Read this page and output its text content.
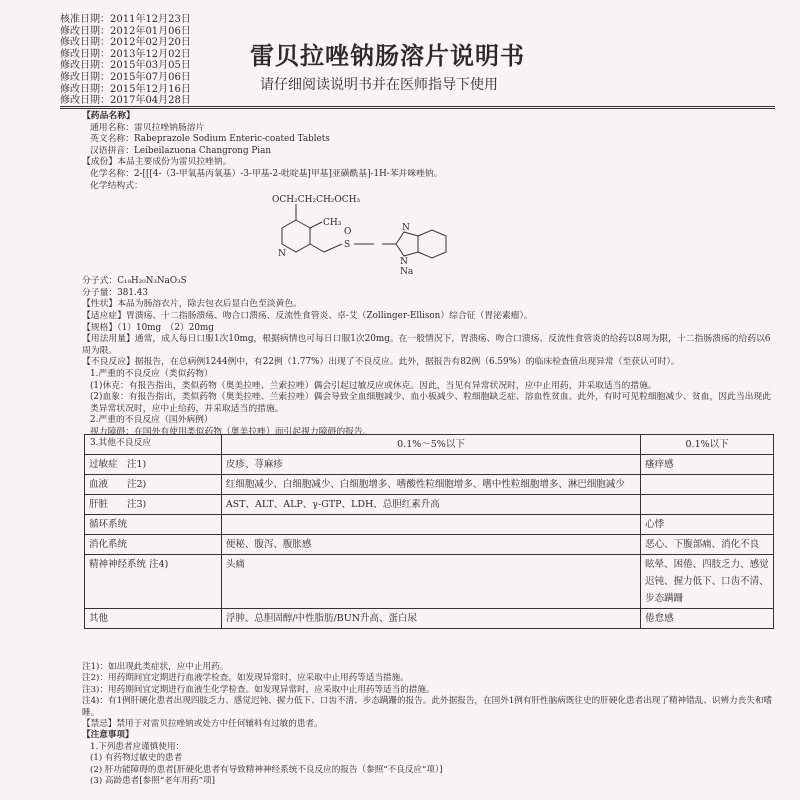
核准日期：2011年12月23日
修改日期：2012年01月06日
修改日期：2012年02月20日
修改日期：2013年12月02日
修改日期：2015年03月05日
修改日期：2015年07月06日
修改日期：2015年12月16日
修改日期：2017年04月28日
雷贝拉唑钠肠溶片说明书
请仔细阅读说明书并在医师指导下使用

【药品名称】

通用名称：雷贝拉唑钠肠溶片

英文名称：Rabeprazole Sodium Enteric-coated Tablets

汉语拼音：Leibeilazuona Changrong Pian

【成份】本品主要成份为雷贝拉唑钠。

化学名称：2-[[[4-（3-甲氧基丙氧基）-3-甲基-2-吡啶基]甲基]亚磺酰基]-1H-苯并咪唑钠。

化学结构式：

OCH₂CH₂CH₂OCH₃
CH₃
N
S
O	N
N
Na

分子式：C₁₈H₂₀N₃NaO₃S

分子量：381.43

【性状】本品为肠溶衣片，除去包衣后显白色至淡黄色。

【适应症】胃溃疡、十二指肠溃疡、吻合口溃疡、反流性食管炎、卓-艾（Zollinger-Ellison）综合征（胃泌素瘤）。

【规格】（1）10mg　（2）20mg

【用法用量】通常，成人每日口服1次10mg，根据病情也可每日口服1次20mg。在一般情况下，胃溃疡、吻合口溃疡、反流性食管炎的给药以8周为限，十二指肠溃疡的给药以6周为限。

【不良反应】据报告，在总病例1244例中，有22例（1.77%）出现了不良反应。此外，据报告有82例（6.59%）的临床检查值出现异常（至获认可时）。

1.严重的不良反应（类似药物）

(1)休克：有报告指出，类似药物（奥美拉唑、兰索拉唑）偶会引起过敏反应或休克。因此，当见有异常状况时，应中止用药，并采取适当的措施。

(2)血象：有报告指出，类似药物（奥美拉唑、兰索拉唑）偶会导致全血细胞减少、血小板减少、粒细胞缺乏症、溶血性贫血。此外，有时可见粒细胞减少、贫血，因此当出现此类异常状况时，应中止给药，并采取适当的措施。

2.严重的不良反应（国外病例）

视力障碍：在国外有使用类似药物（奥美拉唑）而引起视力障碍的报告。

3.其他不良反应

		0.1%～5%以下	0.1%以下
过敏症　注1)	皮疹、荨麻疹	瘙痒感
血液　　注2)	红细胞减少、白细胞减少、白细胞增多、嗜酸性粒细胞增多、嗜中性粒细胞增多、淋巴细胞减少	
肝脏　　注3)	AST、ALT、ALP、γ-GTP、LDH、总胆红素升高	
循环系统		心悸
消化系统	便秘、腹泻、腹胀感	恶心、下腹部痛、消化不良
精神神经系统 注4)	头痛	眩晕、困倦、四肢乏力、感觉迟钝、握力低下、口齿不清、步态蹒跚
其他	浮肿、总胆固醇/中性脂肪/BUN升高、蛋白尿	倦怠感

注1)：如出现此类症状，应中止用药。

注2)：用药期间宜定期进行血液学检查。如发现异常时，应采取中止用药等适当措施。

注3)：用药期间宜定期进行血液生化学检查。如发现异常时，应采取中止用药等适当的措施。

注4)：有1例肝硬化患者出现四肢乏力、感觉迟钝、握力低下、口齿不清、步态蹒跚的报告。此外据报告，在国外1例有肝性脑病既往史的肝硬化患者出现了精神错乱、识辨力丧失和嗜睡。

【禁忌】禁用于对雷贝拉唑钠或处方中任何辅料有过敏的患者。

【注意事项】

1.下列患者应谨慎使用：

(1) 有药物过敏史的患者

(2) 肝功能障碍的患者[肝硬化患者有导致精神神经系统不良反应的报告（参照“不良反应”项）]

(3) 高龄患者[参照“老年用药”项]
